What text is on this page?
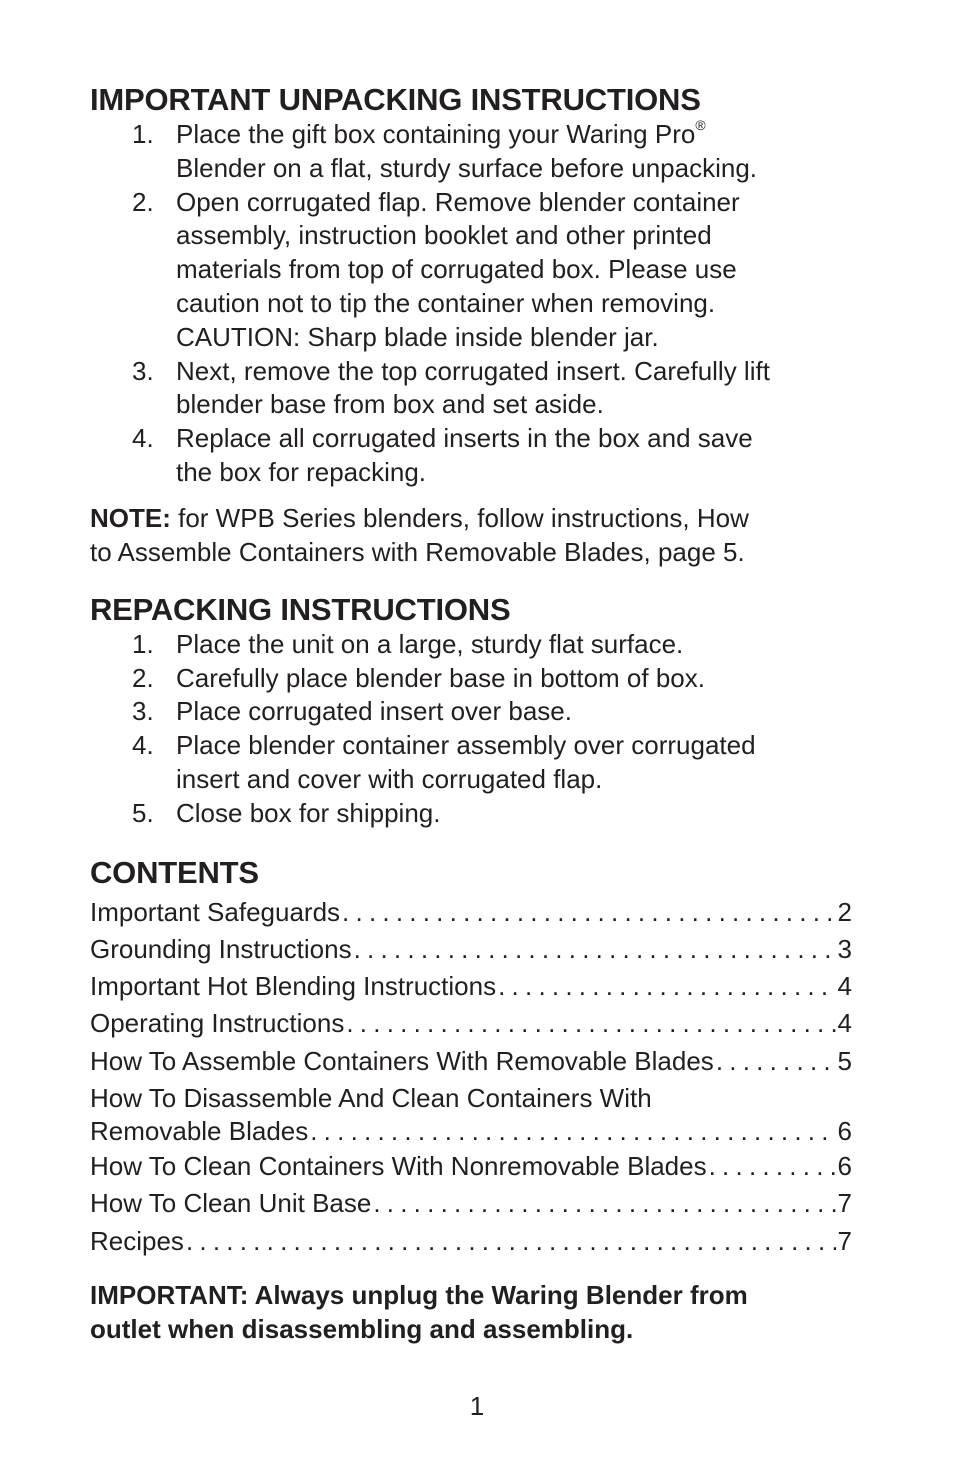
IMPORTANT UNPACKING INSTRUCTIONS
1. Place the gift box containing your Waring Pro®
Blender on a flat, sturdy surface before unpacking.
2. Open corrugated flap. Remove blender container
assembly, instruction booklet and other printed
materials from top of corrugated box. Please use
caution not to tip the container when removing.
CAUTION: Sharp blade inside blender jar.
3. Next, remove the top corrugated insert. Carefully lift
blender base from box and set aside.
4. Replace all corrugated inserts in the box and save
the box for repacking.

NOTE: for WPB Series blenders, follow instructions, How
to Assemble Containers with Removable Blades, page 5.

REPACKING INSTRUCTIONS
1. Place the unit on a large, sturdy flat surface.
2. Carefully place blender base in bottom of box.
3. Place corrugated insert over base.
4. Place blender container assembly over corrugated
insert and cover with corrugated flap.
5. Close box for shipping.
CONTENTS
Important Safeguards . . .	2
Grounding Instructions . . .	3
Important Hot Blending Instructions . . .	4
Operating Instructions . . .	4
How To Assemble Containers With Removable Blades . . .	5
How To Disassemble And Clean Containers With
Removable Blades . . .	6
How To Clean Containers With Nonremovable Blades . . .	6
How To Clean Unit Base . . .	7
Recipes . . .	7

IMPORTANT: Always unplug the Waring Blender from
outlet when disassembling and assembling.

1
